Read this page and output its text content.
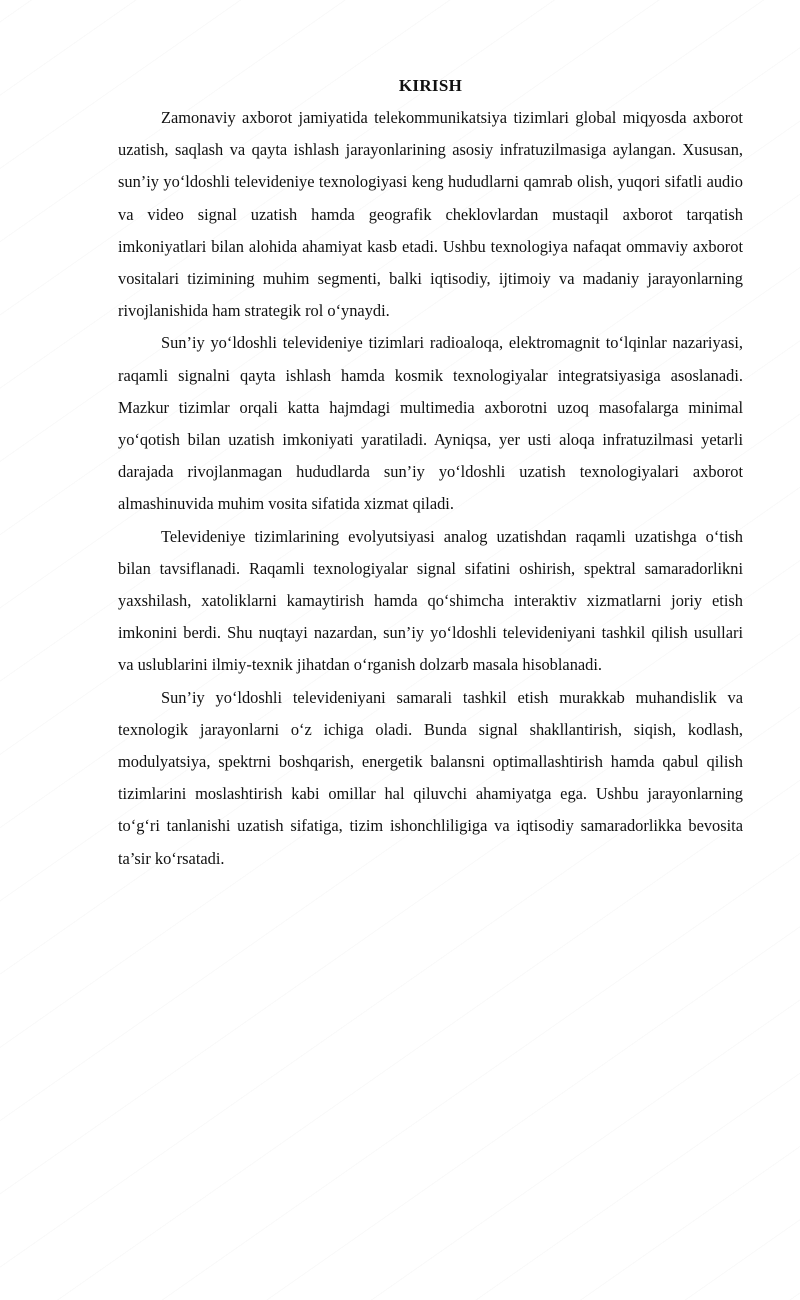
KIRISH

Zamonaviy axborot jamiyatida telekommunikatsiya tizimlari global miqyosda axborot uzatish, saqlash va qayta ishlash jarayonlarining asosiy infratuzilmasiga aylangan. Xususan, sun’iy yo‘ldoshli televideniye texnologiyasi keng hududlarni qamrab olish, yuqori sifatli audio va video signal uzatish hamda geografik cheklovlardan mustaqil axborot tarqatish imkoniyatlari bilan alohida ahamiyat kasb etadi. Ushbu texnologiya nafaqat ommaviy axborot vositalari tizimining muhim segmenti, balki iqtisodiy, ijtimoiy va madaniy jarayonlarning rivojlanishida ham strategik rol o‘ynaydi.

Sun’iy yo‘ldoshli televideniye tizimlari radioaloqa, elektromagnit to‘lqinlar nazariyasi, raqamli signalni qayta ishlash hamda kosmik texnologiyalar integratsiyasiga asoslanadi. Mazkur tizimlar orqali katta hajmdagi multimedia axborotni uzoq masofalarga minimal yo‘qotish bilan uzatish imkoniyati yaratiladi. Ayniqsa, yer usti aloqa infratuzilmasi yetarli darajada rivojlanmagan hududlarda sun’iy yo‘ldoshli uzatish texnologiyalari axborot almashinuvida muhim vosita sifatida xizmat qiladi.

Televideniye tizimlarining evolyutsiyasi analog uzatishdan raqamli uzatishga o‘tish bilan tavsiflanadi. Raqamli texnologiyalar signal sifatini oshirish, spektral samaradorlikni yaxshilash, xatoliklarni kamaytirish hamda qo‘shimcha interaktiv xizmatlarni joriy etish imkonini berdi. Shu nuqtayi nazardan, sun’iy yo‘ldoshli televideniyani tashkil qilish usullari va uslublarini ilmiy-texnik jihatdan o‘rganish dolzarb masala hisoblanadi.

Sun’iy yo‘ldoshli televideniyani samarali tashkil etish murakkab muhandislik va texnologik jarayonlarni o‘z ichiga oladi. Bunda signal shakllantirish, siqish, kodlash, modulyatsiya, spektrni boshqarish, energetik balansni optimallashtirish hamda qabul qilish tizimlarini moslashtirish kabi omillar hal qiluvchi ahamiyatga ega. Ushbu jarayonlarning to‘g‘ri tanlanishi uzatish sifatiga, tizim ishonchliligiga va iqtisodiy samaradorlikka bevosita ta’sir ko‘rsatadi.
